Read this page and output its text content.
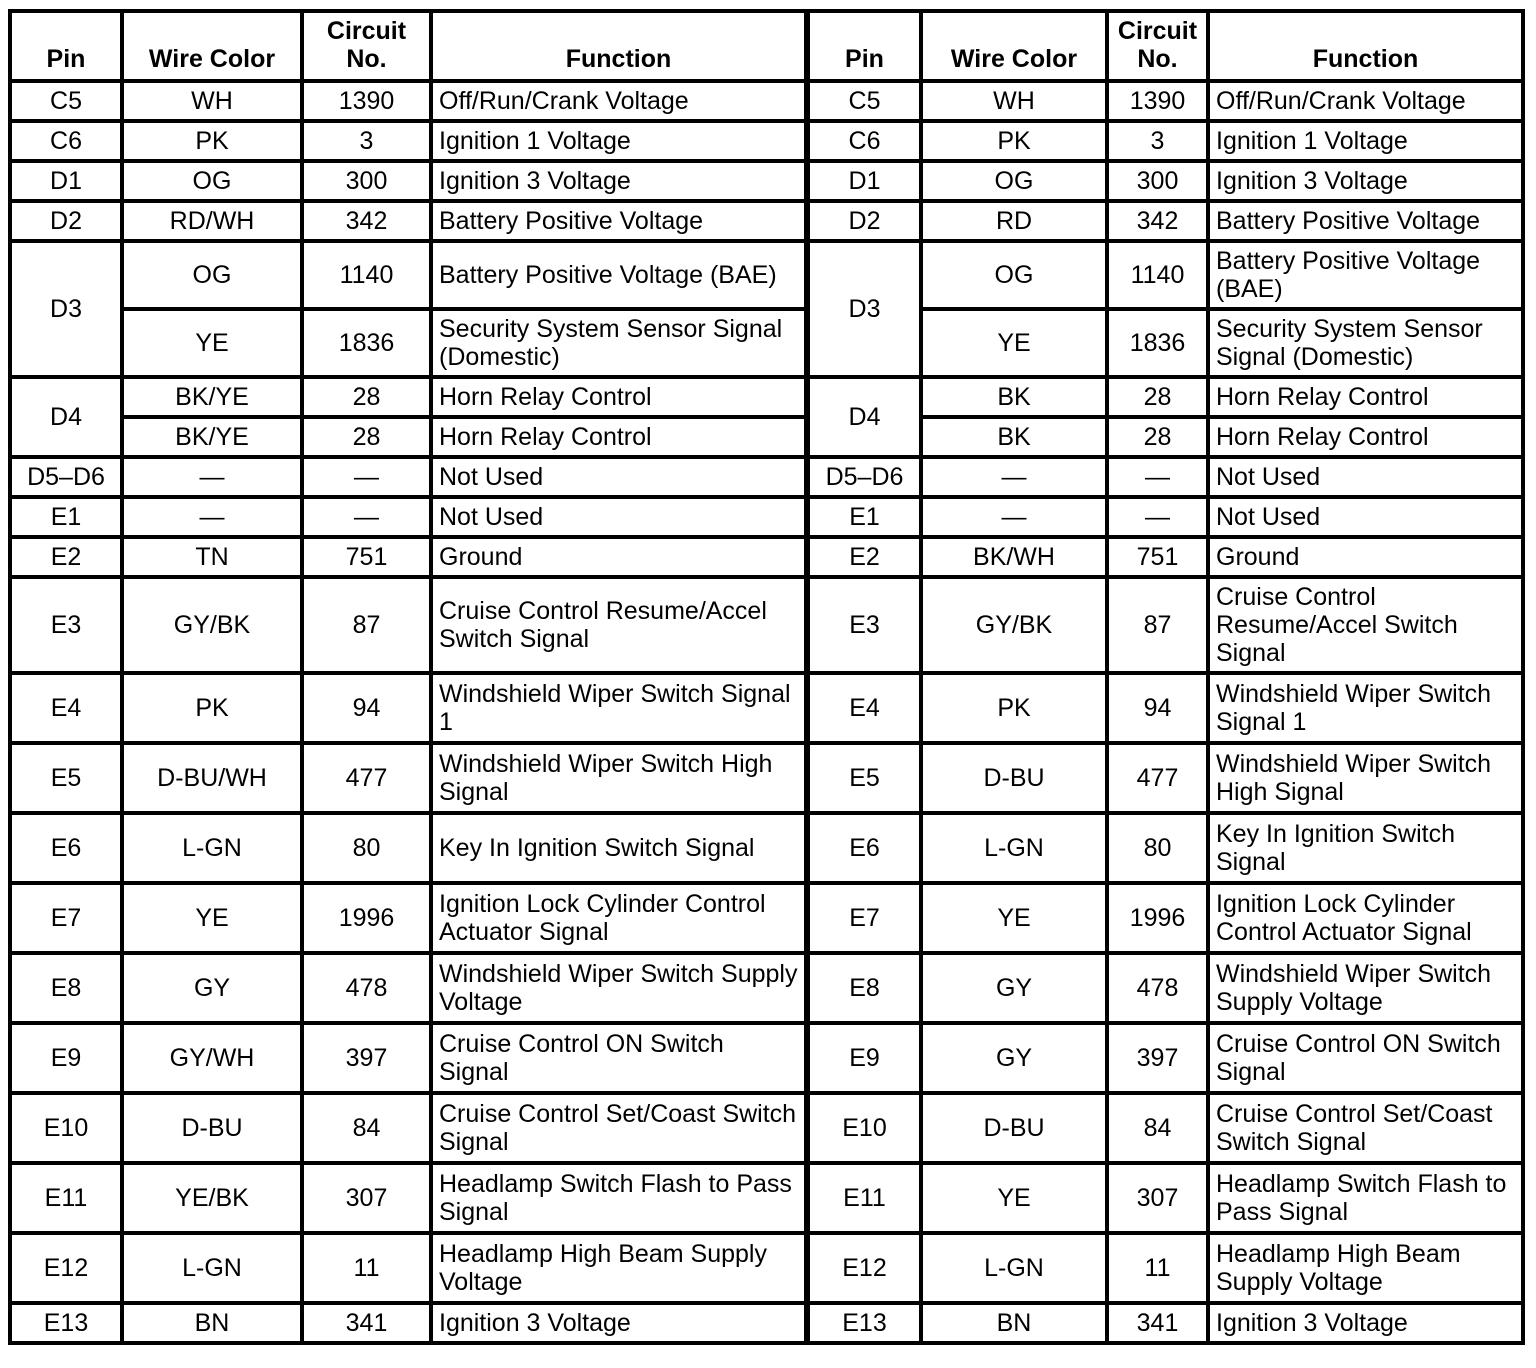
Pin	Wire Color	Circuit No.	Function	Pin	Wire Color	Circuit No.	Function
C5	WH	1390	Off/Run/Crank Voltage	C5	WH	1390	Off/Run/Crank Voltage
C6	PK	3	Ignition 1 Voltage	C6	PK	3	Ignition 1 Voltage
D1	OG	300	Ignition 3 Voltage	D1	OG	300	Ignition 3 Voltage
D2	RD/WH	342	Battery Positive Voltage	D2	RD	342	Battery Positive Voltage
D3	OG	1140	Battery Positive Voltage (BAE)	D3	OG	1140	Battery Positive Voltage (BAE)
	YE	1836	Security System Sensor Signal (Domestic)		YE	1836	Security System Sensor Signal (Domestic)
D4	BK/YE	28	Horn Relay Control	D4	BK	28	Horn Relay Control
	BK/YE	28	Horn Relay Control		BK	28	Horn Relay Control
D5–D6	—	—	Not Used	D5–D6	—	—	Not Used
E1	—	—	Not Used	E1	—	—	Not Used
E2	TN	751	Ground	E2	BK/WH	751	Ground
E3	GY/BK	87	Cruise Control Resume/Accel Switch Signal	E3	GY/BK	87	Cruise Control Resume/Accel Switch Signal
E4	PK	94	Windshield Wiper Switch Signal 1	E4	PK	94	Windshield Wiper Switch Signal 1
E5	D-BU/WH	477	Windshield Wiper Switch High Signal	E5	D-BU	477	Windshield Wiper Switch High Signal
E6	L-GN	80	Key In Ignition Switch Signal	E6	L-GN	80	Key In Ignition Switch Signal
E7	YE	1996	Ignition Lock Cylinder Control Actuator Signal	E7	YE	1996	Ignition Lock Cylinder Control Actuator Signal
E8	GY	478	Windshield Wiper Switch Supply Voltage	E8	GY	478	Windshield Wiper Switch Supply Voltage
E9	GY/WH	397	Cruise Control ON Switch Signal	E9	GY	397	Cruise Control ON Switch Signal
E10	D-BU	84	Cruise Control Set/Coast Switch Signal	E10	D-BU	84	Cruise Control Set/Coast Switch Signal
E11	YE/BK	307	Headlamp Switch Flash to Pass Signal	E11	YE	307	Headlamp Switch Flash to Pass Signal
E12	L-GN	11	Headlamp High Beam Supply Voltage	E12	L-GN	11	Headlamp High Beam Supply Voltage
E13	BN	341	Ignition 3 Voltage	E13	BN	341	Ignition 3 Voltage
